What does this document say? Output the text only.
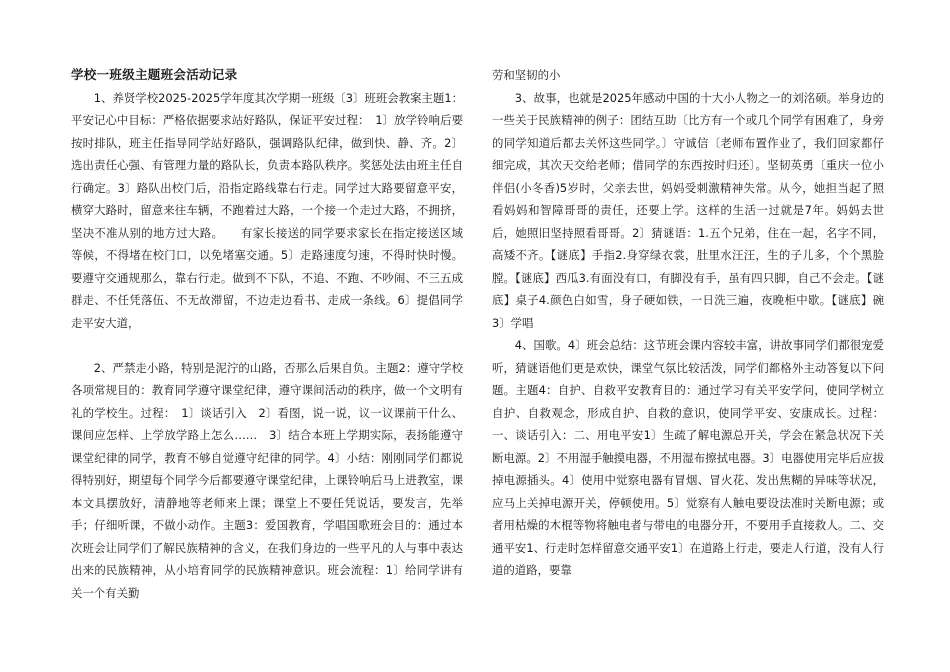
学校一班级主题班会活动记录

1、养贤学校2025-2025学年度其次学期一班级〔3〕班班会教案主题1：平安记心中目标：严格依据要求站好路队，保证平安过程：　1〕放学铃响后要按时排队，班主任指导同学站好路队，强调路队纪律，做到快、静、齐。2〕选出责任心强、有管理力量的路队长，负责本路队秩序。奖惩处法由班主任自行确定。3〕路队出校门后，沿指定路线靠右行走。同学过大路要留意平安，横穿大路时，留意来往车辆，不跑着过大路，一个接一个走过大路，不拥挤，坚决不准从别的地方过大路。　　有家长接送的同学要求家长在指定接送区域等候，不得堵在校门口，以免堵塞交通。5〕走路速度匀速，不得时快时慢。要遵守交通规那么，靠右行走。做到不下队，不追、不跑、不吵闹、不三五成群走、不任凭落伍、不无故滞留，不边走边看书、走成一条线。6〕提倡同学走平安大道，

2、严禁走小路，特别是泥泞的山路，否那么后果自负。主题2：遵守学校各项常规目的：教育同学遵守课堂纪律，遵守课间活动的秩序，做一个文明有礼的学校生。过程：　1〕谈话引入　2〕看图，说一说，议一议课前干什么、课间应怎样、上学放学路上怎么……　3〕结合本班上学期实际，表扬能遵守课堂纪律的同学，教育不够自觉遵守纪律的同学。4〕小结：刚刚同学们都说得特别好，期望每个同学今后都要遵守课堂纪律，上课铃响后马上进教室，课本文具摆放好，清静地等老师来上课；课堂上不要任凭说话，要发言，先举手；仔细听课，不做小动作。主题3：爱国教育，学唱国歌班会目的：通过本次班会让同学们了解民族精神的含义，在我们身边的一些平凡的人与事中表达出来的民族精神，从小培育同学的民族精神意识。班会流程：1〕给同学讲有关一个有关勤

劳和坚韧的小

3、故事，也就是2025年感动中国的十大小人物之一的刘洺硕。举身边的一些关于民族精神的例子：团结互助〔比方有一个或几个同学有困难了，身旁的同学知道后都去关怀这些同学。〕守诚信〔老师布置作业了，我们回家都仔细完成，其次天交给老师；借同学的东西按时归还〕。坚韧英勇〔重庆一位小伴侣(小冬香)5岁时，父亲去世，妈妈受刺激精神失常。从今，她担当起了照看妈妈和智障哥哥的责任，还要上学。这样的生活一过就是7年。妈妈去世后，她照旧坚持照看哥哥。2〕猜谜语：1.五个兄弟，住在一起，名字不同，高矮不齐。【谜底】手指2.身穿绿衣裳，肚里水汪汪，生的子儿多，个个黑脸膛。【谜底】西瓜3.有面没有口，有脚没有手，虽有四只脚，自己不会走。【谜底】桌子4.颜色白如雪，身子硬如铁，一日洗三遍，夜晚柜中歇。【谜底】碗　3〕学唱

4、国歌。4〕班会总结：这节班会课内容较丰富，讲故事同学们都很宠爱听，猜谜语他们更是欢快，课堂气氛比较活泼，同学们都格外主动答复以下问题。主题4：自护、自救平安教育目的：通过学习有关平安学问，使同学树立自护、自救观念，形成自护、自救的意识，使同学平安、安康成长。过程：一、谈话引入：二、用电平安1〕生疏了解电源总开关，学会在紧急状况下关断电源。2〕不用湿手触摸电器，不用湿布擦拭电器。3〕电器使用完毕后应拔掉电源插头。4〕使用中觉察电器有冒烟、冒火花、发出焦糊的异味等状况，应马上关掉电源开关，停顿使用。5〕觉察有人触电要设法准时关断电源；或者用枯燥的木棍等物将触电者与带电的电器分开，不要用手直接救人。二、交通平安1、行走时怎样留意交通平安1〕在道路上行走，要走人行道，没有人行道的道路，要靠
